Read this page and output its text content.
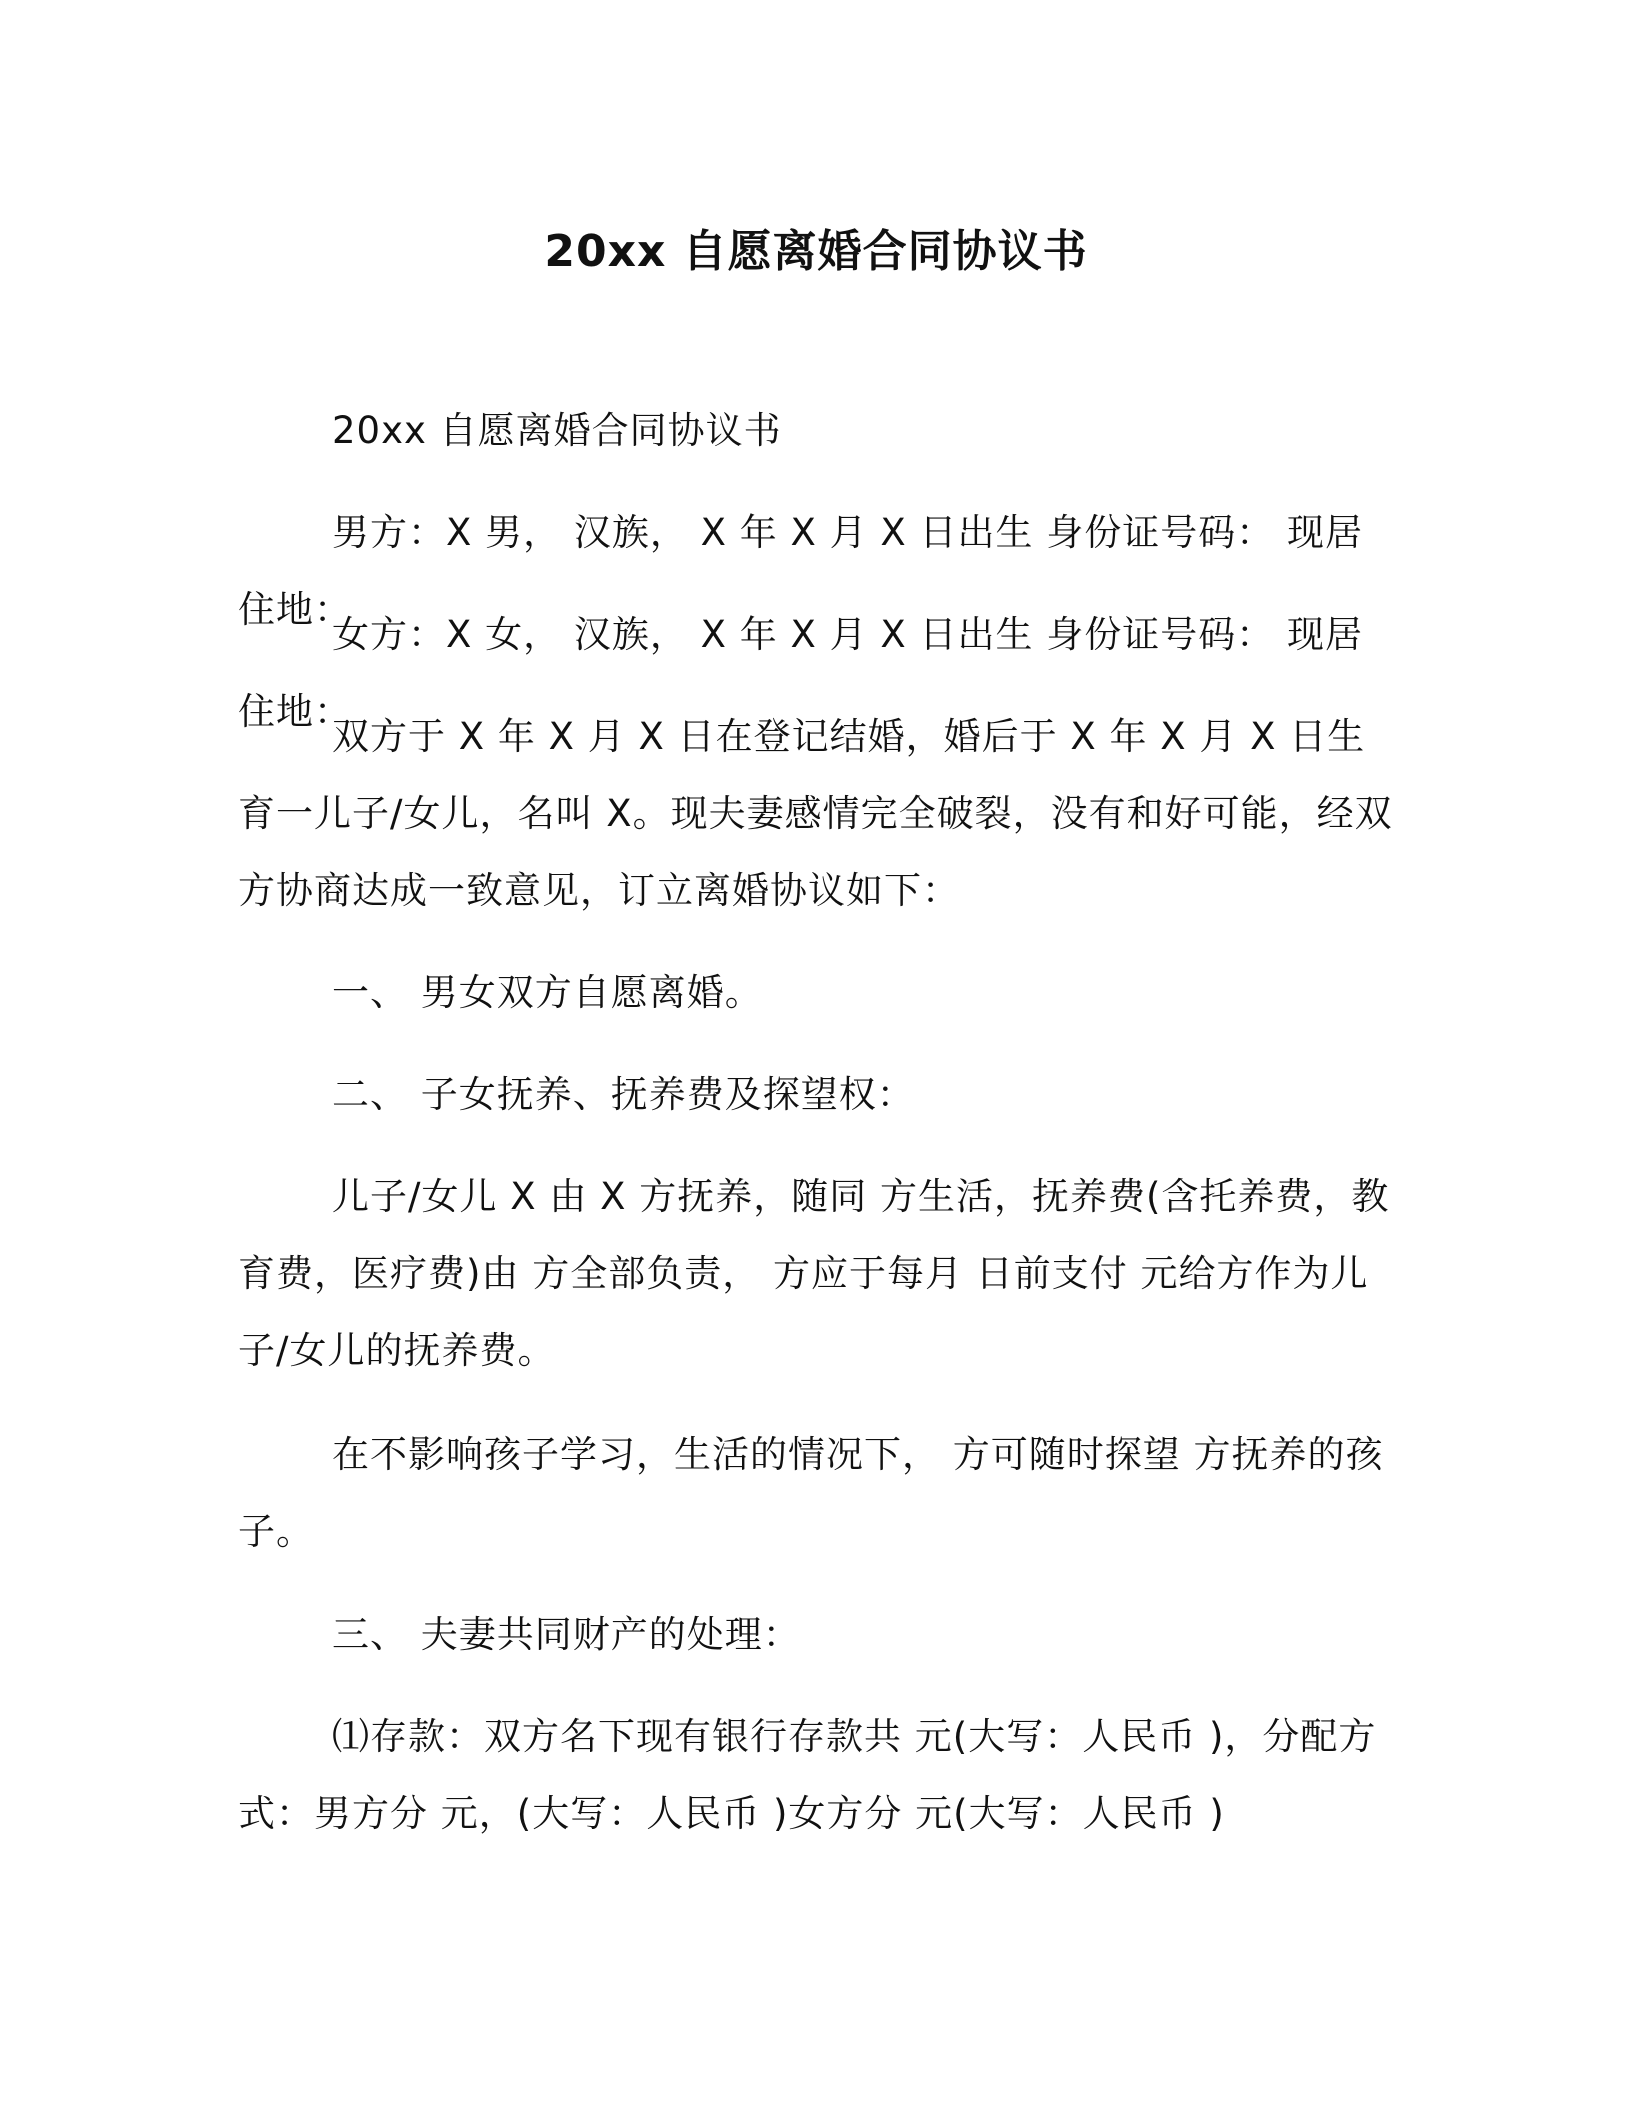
20xx 自愿离婚合同协议书

20xx 自愿离婚合同协议书

男方：X 男， 汉族， X 年 X 月 X 日出生 身份证号码： 现居住地：

女方：X 女， 汉族， X 年 X 月 X 日出生 身份证号码： 现居住地：

双方于 X 年 X 月 X 日在登记结婚，婚后于 X 年 X 月 X 日生育一儿子/女儿，名叫 X。现夫妻感情完全破裂，没有和好可能，经双方协商达成一致意见，订立离婚协议如下：

一、 男女双方自愿离婚。

二、 子女抚养、抚养费及探望权：

儿子/女儿 X 由 X 方抚养，随同 方生活，抚养费(含托养费，教育费，医疗费)由 方全部负责， 方应于每月 日前支付 元给方作为儿子/女儿的抚养费。

在不影响孩子学习，生活的情况下， 方可随时探望 方抚养的孩子。

三、 夫妻共同财产的处理：

⑴存款：双方名下现有银行存款共 元(大写：人民币 )，分配方式：男方分 元，(大写：人民币 )女方分 元(大写：人民币 )
